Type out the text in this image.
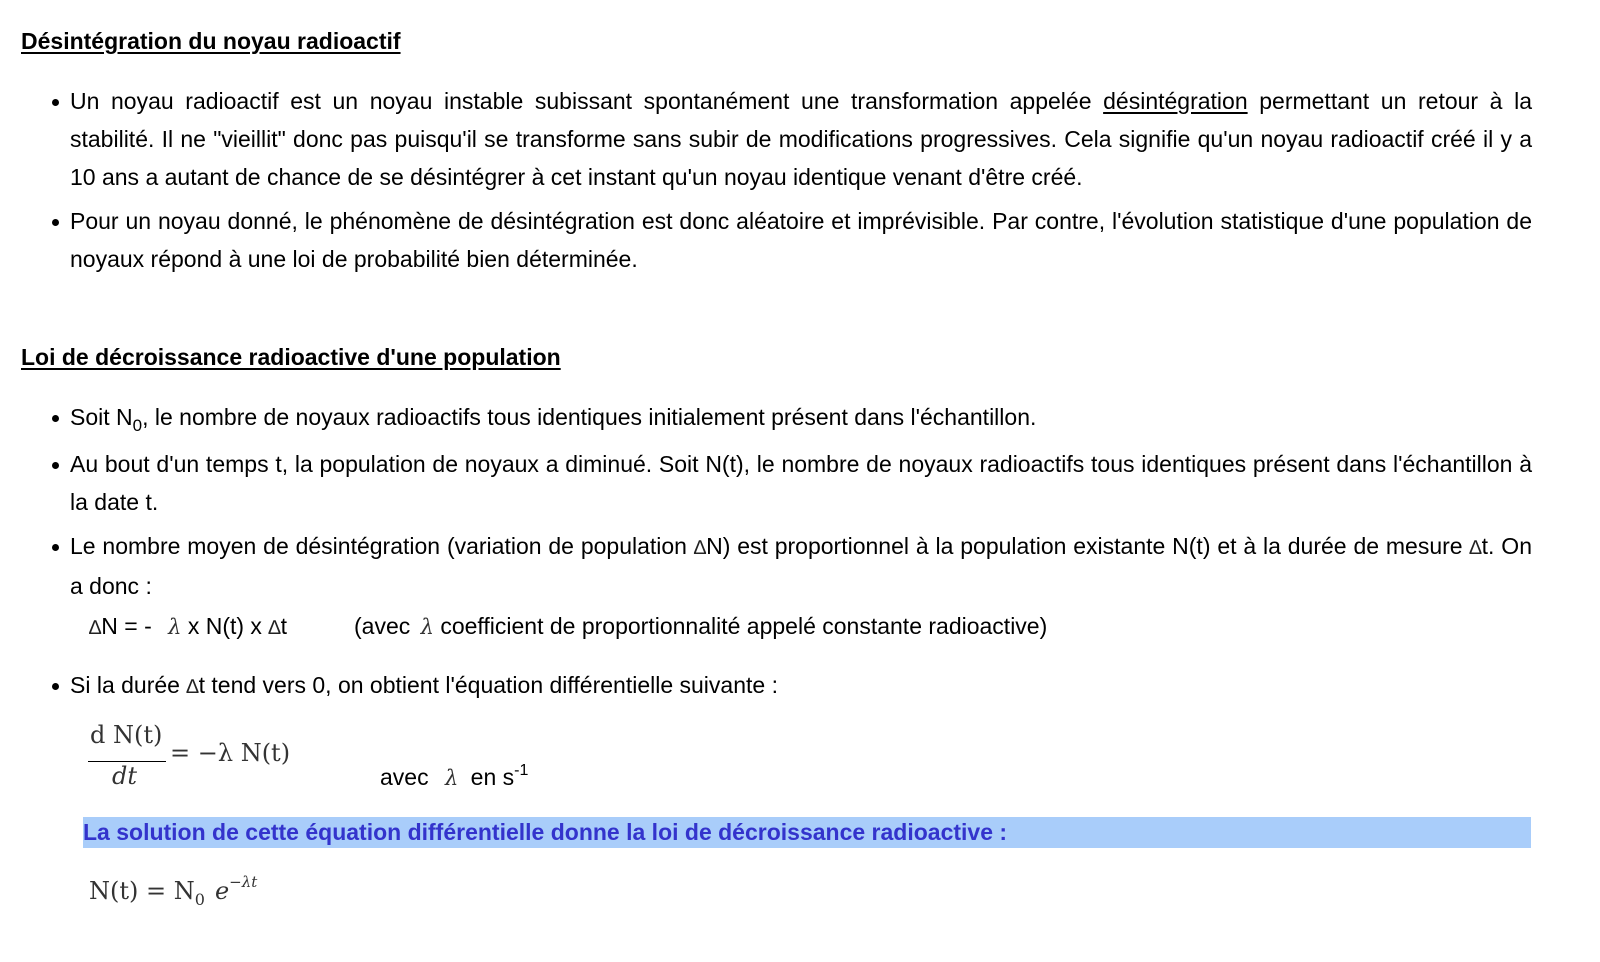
Désintégration du noyau radioactif
Un noyau radioactif est un noyau instable subissant spontanément une transformation appelée désintégration permettant un retour à la stabilité. Il ne "vieillit" donc pas puisqu'il se transforme sans subir de modifications progressives. Cela signifie qu'un noyau radioactif créé il y a 10 ans a autant de chance de se désintégrer à cet instant qu'un noyau identique venant d'être créé.
Pour un noyau donné, le phénomène de désintégration est donc aléatoire et imprévisible. Par contre, l'évolution statistique d'une population de noyaux répond à une loi de probabilité bien déterminée.
Loi de décroissance radioactive d'une population
Soit $N_0$, le nombre de noyaux radioactifs tous identiques initialement présent dans l'échantillon.
Au bout d'un temps t, la population de noyaux a diminué. Soit N(t), le nombre de noyaux radioactifs tous identiques présent dans l'échantillon à la date t.
Le nombre moyen de désintégration (variation de population ∆N) est proportionnel à la population existante N(t) et à la durée de mesure ∆t. On a donc :
∆N = - λ x N(t) x ∆t	(avec λ coefficient de proportionnalité appelé constante radioactive)
Si la durée ∆t tend vers 0, on obtient l'équation différentielle suivante :
d N(t)
dt
= −λ N(t)
avec λ en $s^{-1}$
La solution de cette équation différentielle donne la loi de décroissance radioactive :
$N(t) = N_0$ $e^{-\lambda t}$
